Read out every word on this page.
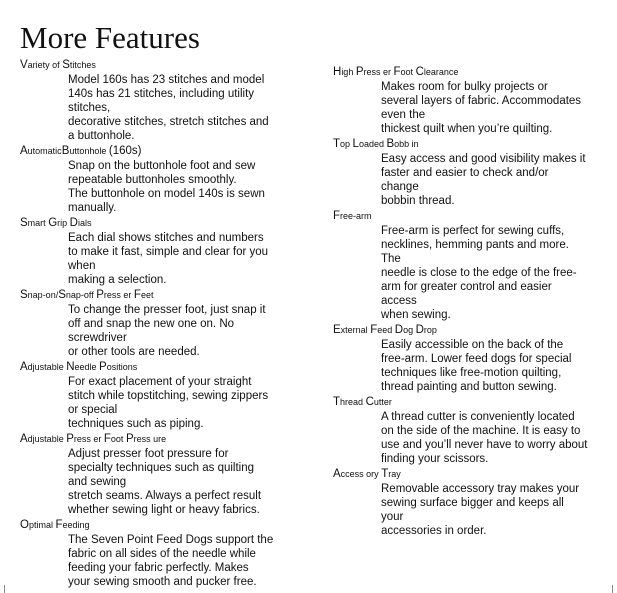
More Features
Variety of Stitches

Model 160s has 23 stitches and model
140s has 21 stitches, including utility
stitches,
decorative stitches, stretch stitches and
a buttonhole.

AutomaticButtonhole (160s)

Snap on the buttonhole foot and sew
repeatable buttonholes smoothly.
The buttonhole on model 140s is sewn
manually.

Smart Grip Dials

Each dial shows stitches and numbers
to make it fast, simple and clear for you
when
making a selection.

Snap-on/Snap-off Press er Feet

To change the presser foot, just snap it
off and snap the new one on. No
screwdriver
or other tools are needed.

Adjustable Needle Positions

For exact placement of your straight
stitch while topstitching, sewing zippers
or special
techniques such as piping.

Adjustable Press er Foot Press ure

Adjust presser foot pressure for
specialty techniques such as quilting
and sewing
stretch seams. Always a perfect result
whether sewing light or heavy fabrics.

Optimal Feeding

The Seven Point Feed Dogs support the
fabric on all sides of the needle while
feeding your fabric perfectly. Makes
your sewing smooth and pucker free.

High Press er Foot Clearance

Makes room for bulky projects or
several layers of fabric. Accommodates
even the
thickest quilt when you’re quilting.

Top Loaded Bobb in

Easy access and good visibility makes it
faster and easier to check and/or
change
bobbin thread.

Free-arm

Free-arm is perfect for sewing cuffs,
necklines, hemming pants and more.
The
needle is close to the edge of the free-
arm for greater control and easier
access
when sewing.

External Feed Dog Drop

Easily accessible on the back of the
free-arm. Lower feed dogs for special
techniques like free-motion quilting,
thread painting and button sewing.

Thread Cutter

A thread cutter is conveniently located
on the side of the machine. It is easy to
use and you’ll never have to worry about
finding your scissors.

Access ory Tray

Removable accessory tray makes your
sewing surface bigger and keeps all
your
accessories in order.
